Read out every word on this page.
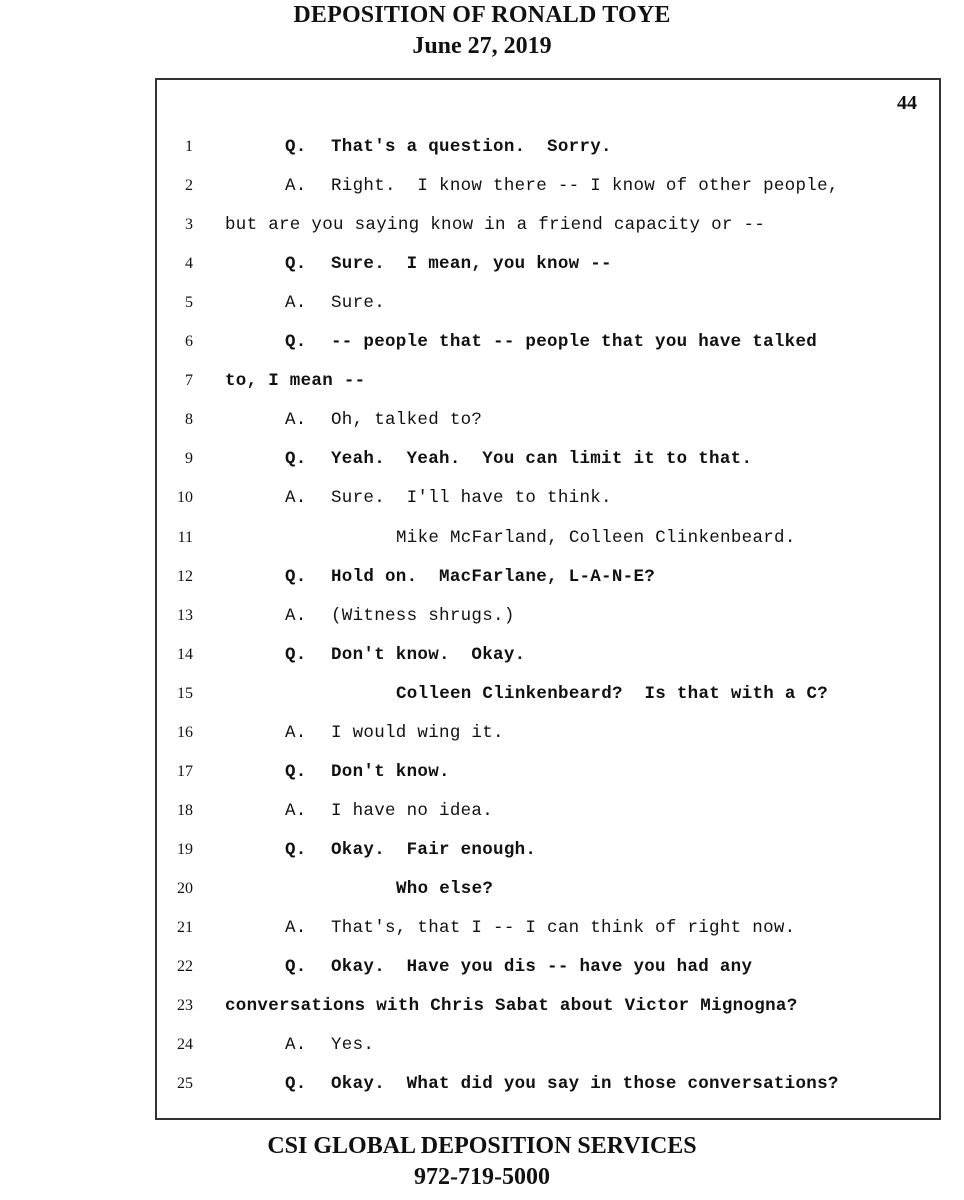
DEPOSITION OF RONALD TOYE
June 27, 2019
44
1	Q. That's a question.  Sorry.
2	A. Right.  I know there -- I know of other people,
3 but are you saying know in a friend capacity or --
4	Q. Sure.  I mean, you know --
5	A. Sure.
6	Q. -- people that -- people that you have talked
7 to, I mean --
8	A. Oh, talked to?
9	Q. Yeah.  Yeah.  You can limit it to that.
10	A. Sure.  I'll have to think.
11	Mike McFarland, Colleen Clinkenbeard.
12	Q. Hold on.  MacFarlane, L-A-N-E?
13	A. (Witness shrugs.)
14	Q. Don't know.  Okay.
15	Colleen Clinkenbeard?  Is that with a C?
16	A. I would wing it.
17	Q. Don't know.
18	A. I have no idea.
19	Q. Okay.  Fair enough.
20	Who else?
21	A. That's, that I -- I can think of right now.
22	Q. Okay.  Have you dis -- have you had any
23 conversations with Chris Sabat about Victor Mignogna?
24	A. Yes.
25	Q. Okay.  What did you say in those conversations?
CSI GLOBAL DEPOSITION SERVICES
972-719-5000
